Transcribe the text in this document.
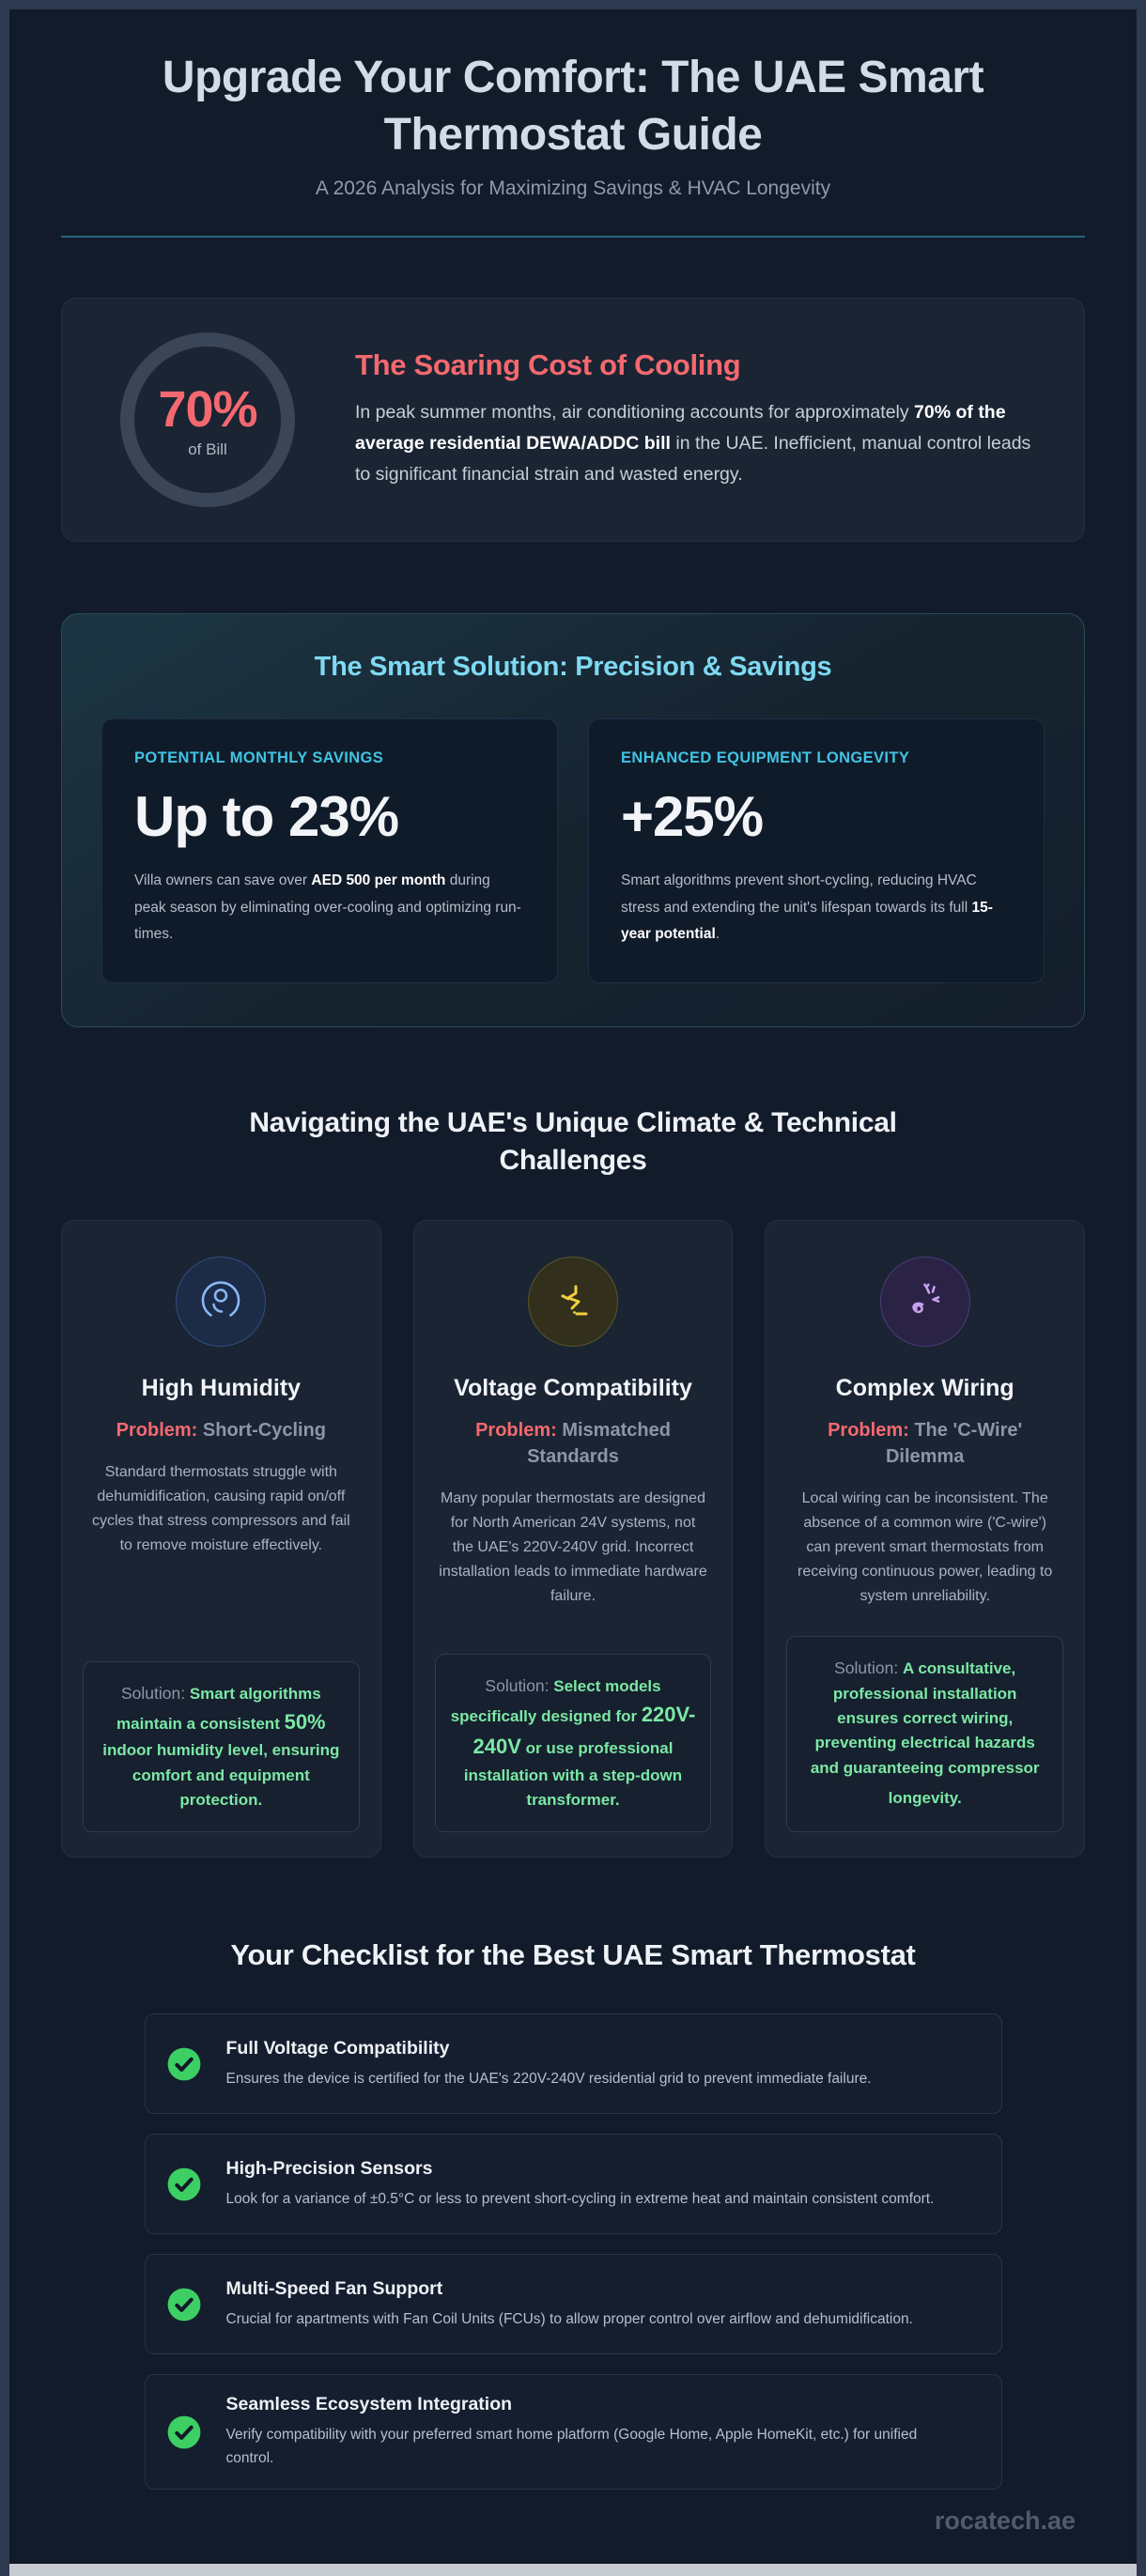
Upgrade Your Comfort: The UAE Smart Thermostat Guide

A 2026 Analysis for Maximizing Savings & HVAC Longevity

70%
of Bill
The Soaring Cost of Cooling

In peak summer months, air conditioning accounts for approximately 70% of the average residential DEWA/ADDC bill in the UAE. Inefficient, manual control leads to significant financial strain and wasted energy.

The Smart Solution: Precision & Savings
POTENTIAL MONTHLY SAVINGS
Up to 23%

Villa owners can save over AED 500 per month during peak season by eliminating over-cooling and optimizing run-times.

ENHANCED EQUIPMENT LONGEVITY
+25%

Smart algorithms prevent short-cycling, reducing HVAC stress and extending the unit's lifespan towards its full 15-year potential.

Navigating the UAE's Unique Climate & Technical Challenges
High Humidity

Problem: Short-Cycling

Standard thermostats struggle with dehumidification, causing rapid on/off cycles that stress compressors and fail to remove moisture effectively.

Solution: Smart algorithms maintain a consistent 50% indoor humidity level, ensuring comfort and equipment protection.
Voltage Compatibility

Problem: Mismatched Standards

Many popular thermostats are designed for North American 24V systems, not the UAE's 220V-240V grid. Incorrect installation leads to immediate hardware failure.

Solution: Select models specifically designed for 220V-240V or use professional installation with a step-down transformer.
Complex Wiring

Problem: The 'C-Wire' Dilemma

Local wiring can be inconsistent. The absence of a common wire ('C-wire') can prevent smart thermostats from receiving continuous power, leading to system unreliability.

Solution: A consultative, professional installation ensures correct wiring, preventing electrical hazards and guaranteeing compressor longevity.
Your Checklist for the Best UAE Smart Thermostat
Full Voltage Compatibility
Ensures the device is certified for the UAE's 220V-240V residential grid to prevent immediate failure.
High-Precision Sensors
Look for a variance of ±0.5°C or less to prevent short-cycling in extreme heat and maintain consistent comfort.
Multi-Speed Fan Support
Crucial for apartments with Fan Coil Units (FCUs) to allow proper control over airflow and dehumidification.
Seamless Ecosystem Integration
Verify compatibility with your preferred smart home platform (Google Home, Apple HomeKit, etc.) for unified control.
rocatech.ae
